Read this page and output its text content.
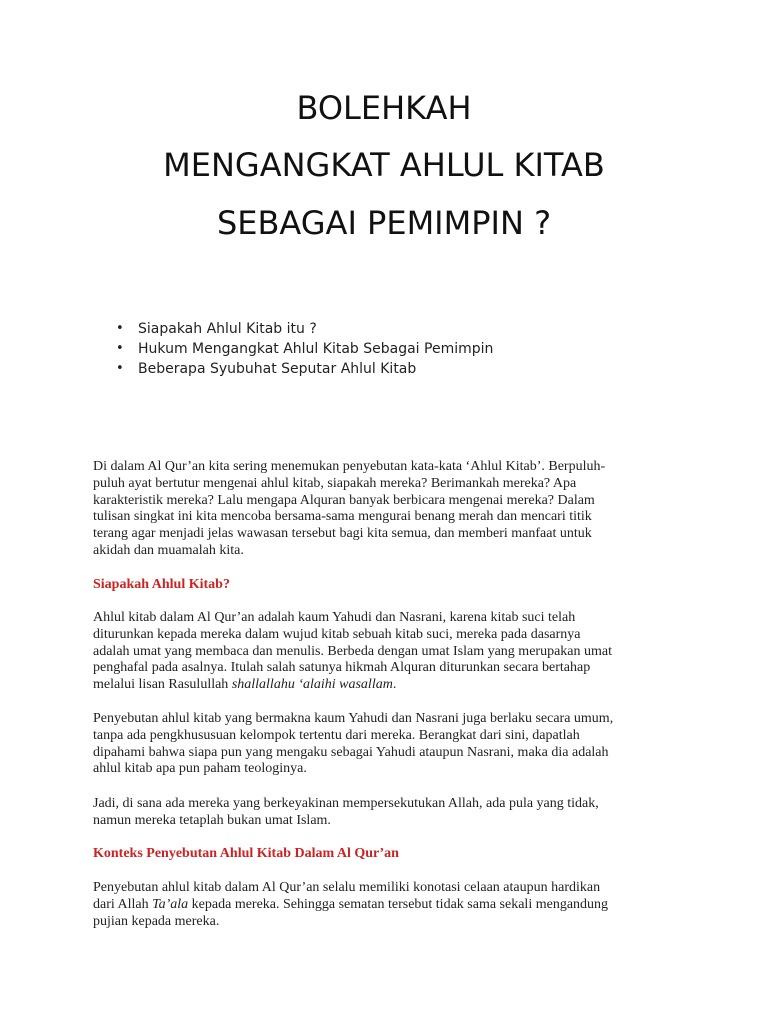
BOLEHKAH
MENGANGKAT AHLUL KITAB
SEBAGAI PEMIMPIN ?
• Siapakah Ahlul Kitab itu ?
• Hukum Mengangkat Ahlul Kitab Sebagai Pemimpin
• Beberapa Syubuhat Seputar Ahlul Kitab

Di dalam Al Qur’an kita sering menemukan penyebutan kata-kata ‘Ahlul Kitab’. Berpuluh-
puluh ayat bertutur mengenai ahlul kitab, siapakah mereka? Berimankah mereka? Apa
karakteristik mereka? Lalu mengapa Alquran banyak berbicara mengenai mereka? Dalam
tulisan singkat ini kita mencoba bersama-sama mengurai benang merah dan mencari titik
terang agar menjadi jelas wawasan tersebut bagi kita semua, dan memberi manfaat untuk
akidah dan muamalah kita.

Siapakah Ahlul Kitab?

Ahlul kitab dalam Al Qur’an adalah kaum Yahudi dan Nasrani, karena kitab suci telah
diturunkan kepada mereka dalam wujud kitab sebuah kitab suci, mereka pada dasarnya
adalah umat yang membaca dan menulis. Berbeda dengan umat Islam yang merupakan umat
penghafal pada asalnya. Itulah salah satunya hikmah Alquran diturunkan secara bertahap
melalui lisan Rasulullah shallallahu ‘alaihi wasallam.

Penyebutan ahlul kitab yang bermakna kaum Yahudi dan Nasrani juga berlaku secara umum,
tanpa ada pengkhususuan kelompok tertentu dari mereka. Berangkat dari sini, dapatlah
dipahami bahwa siapa pun yang mengaku sebagai Yahudi ataupun Nasrani, maka dia adalah
ahlul kitab apa pun paham teologinya.

Jadi, di sana ada mereka yang berkeyakinan mempersekutukan Allah, ada pula yang tidak,
namun mereka tetaplah bukan umat Islam.

Konteks Penyebutan Ahlul Kitab Dalam Al Qur’an

Penyebutan ahlul kitab dalam Al Qur’an selalu memiliki konotasi celaan ataupun hardikan
dari Allah Ta’ala kepada mereka. Sehingga sematan tersebut tidak sama sekali mengandung
pujian kepada mereka.
